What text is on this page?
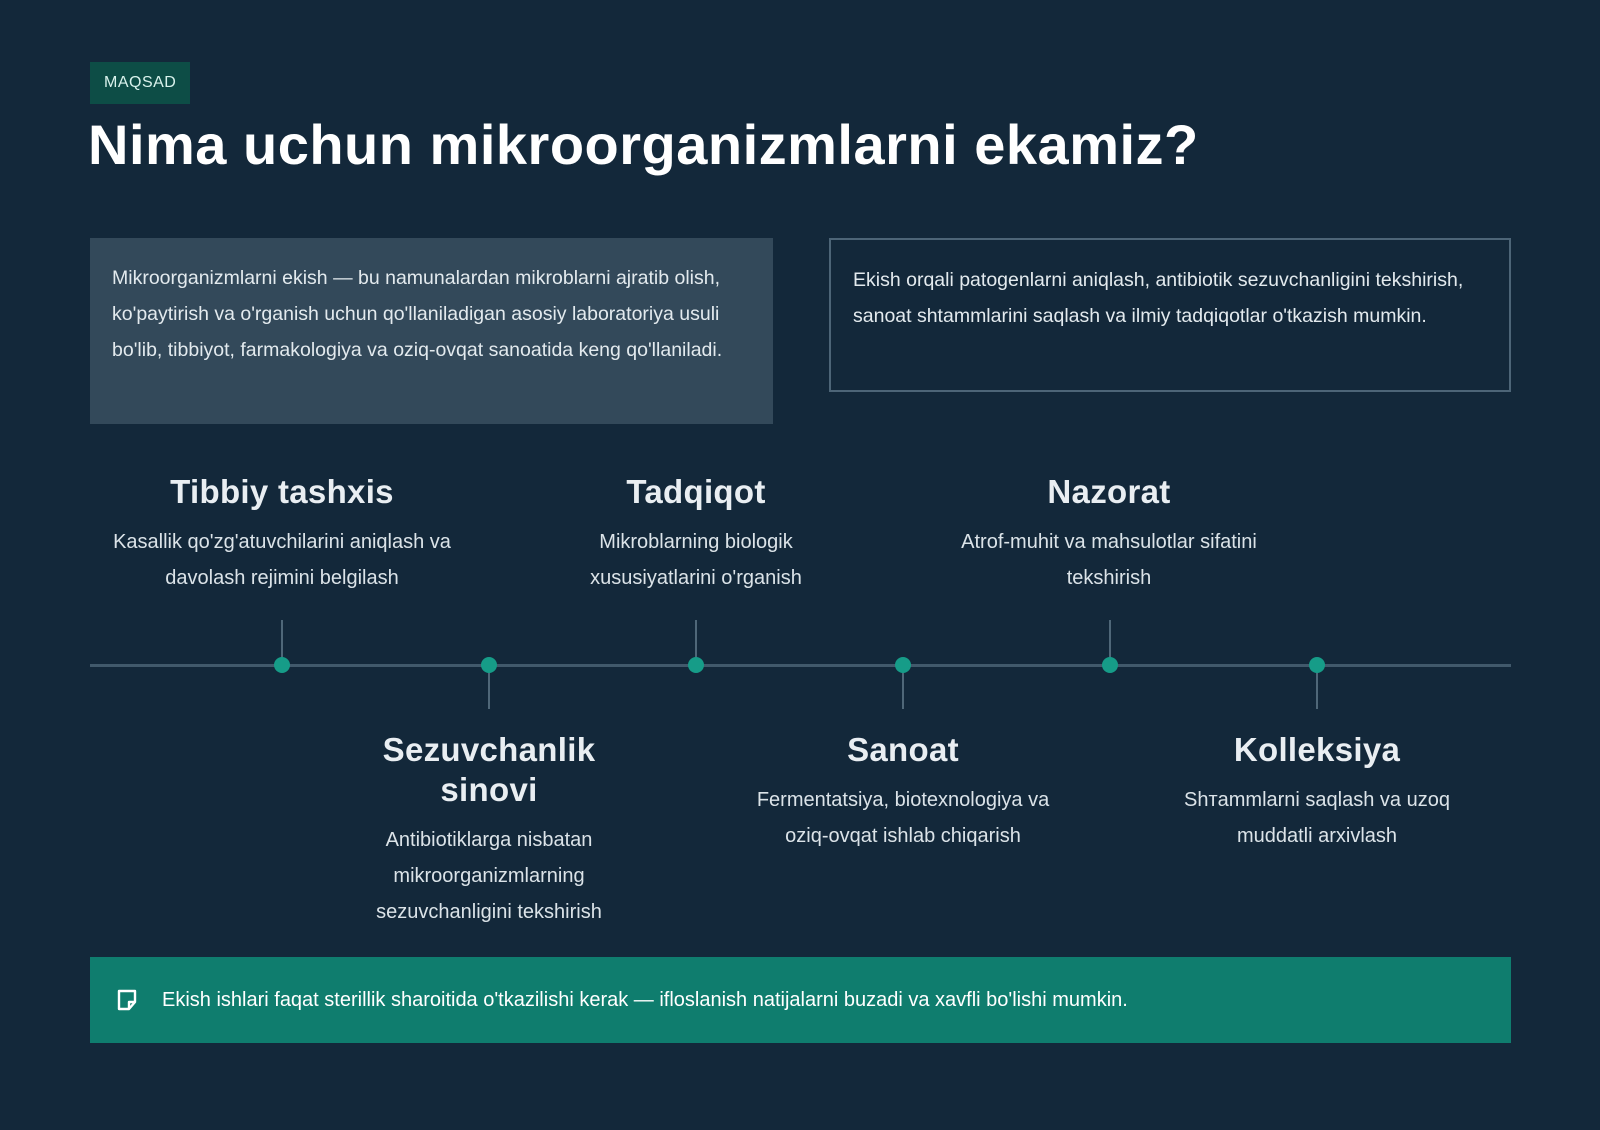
MAQSAD
Nima uchun mikroorganizmlarni ekamiz?
Mikroorganizmlarni ekish — bu namunalardan mikroblarni ajratib olish, ko'paytirish va o'rganish uchun qo'llaniladigan asosiy laboratoriya usuli bo'lib, tibbiyot, farmakologiya va oziq-ovqat sanoatida keng qo'llaniladi.
Ekish orqali patogenlarni aniqlash, antibiotik sezuvchanligini tekshirish, sanoat shtammlarini saqlash va ilmiy tadqiqotlar o'tkazish mumkin.
Tibbiy tashxis
Kasallik qo'zg'atuvchilarini aniqlash va davolash rejimini belgilash
Tadqiqot
Mikroblarning biologik xususiyatlarini o'rganish
Nazorat
Atrof-muhit va mahsulotlar sifatini tekshirish
Sezuvchanlik sinovi
Antibiotiklarga nisbatan mikroorganizmlarning sezuvchanligini tekshirish
Sanoat
Fermentatsiya, biotexnologiya va oziq-ovqat ishlab chiqarish
Kolleksiya
Shтammlarni saqlash va uzoq muddatli arxivlash
Ekish ishlari faqat sterillik sharoitida o'tkazilishi kerak — ifloslanish natijalarni buzadi va xavfli bo'lishi mumkin.
